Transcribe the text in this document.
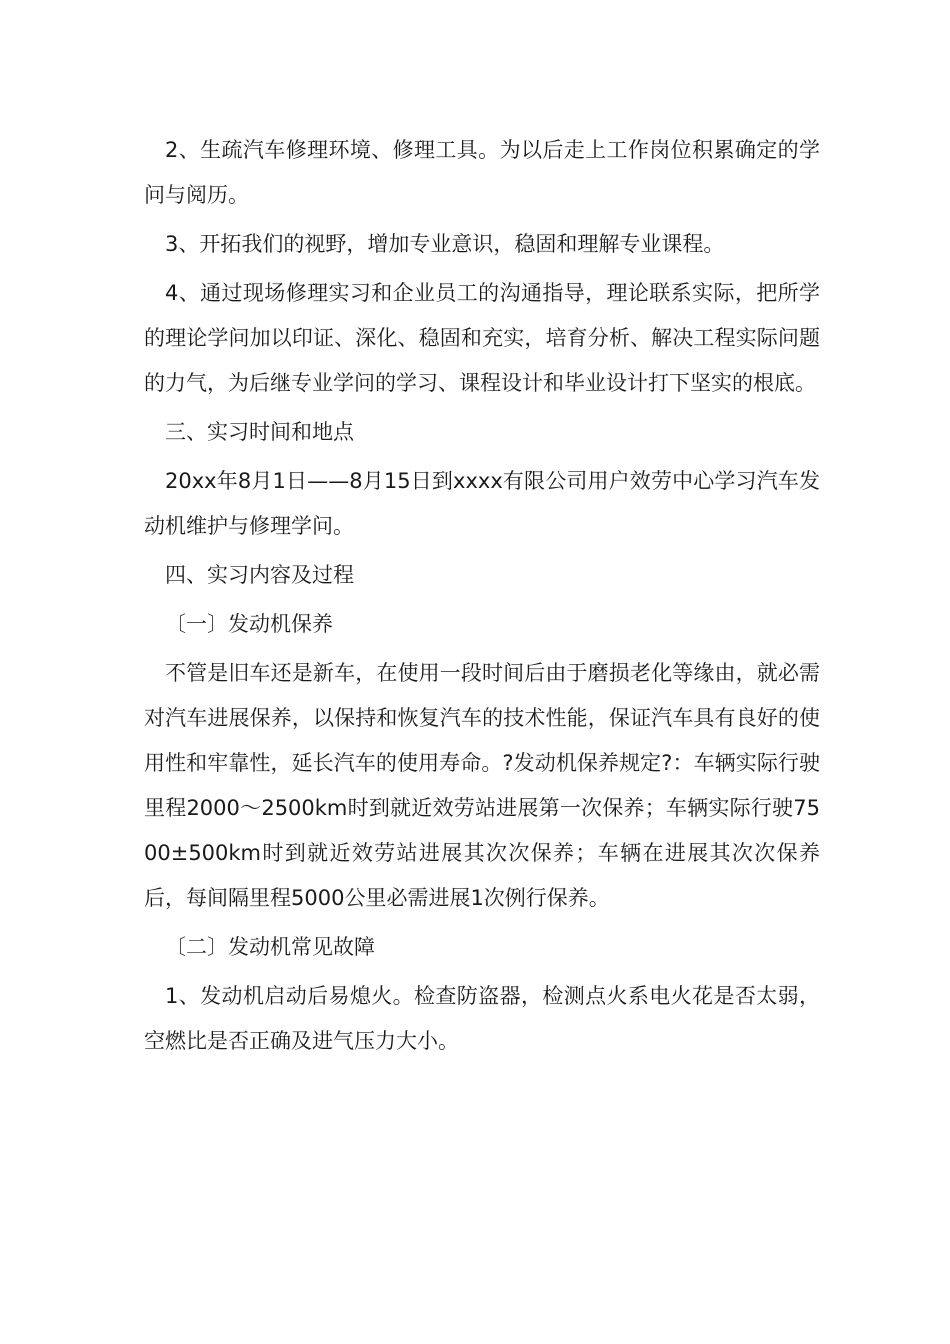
2、生疏汽车修理环境、修理工具。为以后走上工作岗位积累确定的学问与阅历。

3、开拓我们的视野，增加专业意识，稳固和理解专业课程。

4、通过现场修理实习和企业员工的沟通指导，理论联系实际，把所学的理论学问加以印证、深化、稳固和充实，培育分析、解决工程实际问题的力气，为后继专业学问的学习、课程设计和毕业设计打下坚实的根底。

三、实习时间和地点

20xx年8月1日——8月15日到xxxx有限公司用户效劳中心学习汽车发动机维护与修理学问。

四、实习内容及过程

〔一〕发动机保养

不管是旧车还是新车，在使用一段时间后由于磨损老化等缘由，就必需对汽车进展保养，以保持和恢复汽车的技术性能，保证汽车具有良好的使用性和牢靠性，延长汽车的使用寿命。?发动机保养规定?：车辆实际行驶里程2000～2500km时到就近效劳站进展第一次保养；车辆实际行驶7500±500km时到就近效劳站进展其次次保养；车辆在进展其次次保养后，每间隔里程5000公里必需进展1次例行保养。

〔二〕发动机常见故障

1、发动机启动后易熄火。检查防盗器，检测点火系电火花是否太弱，空燃比是否正确及进气压力大小。
